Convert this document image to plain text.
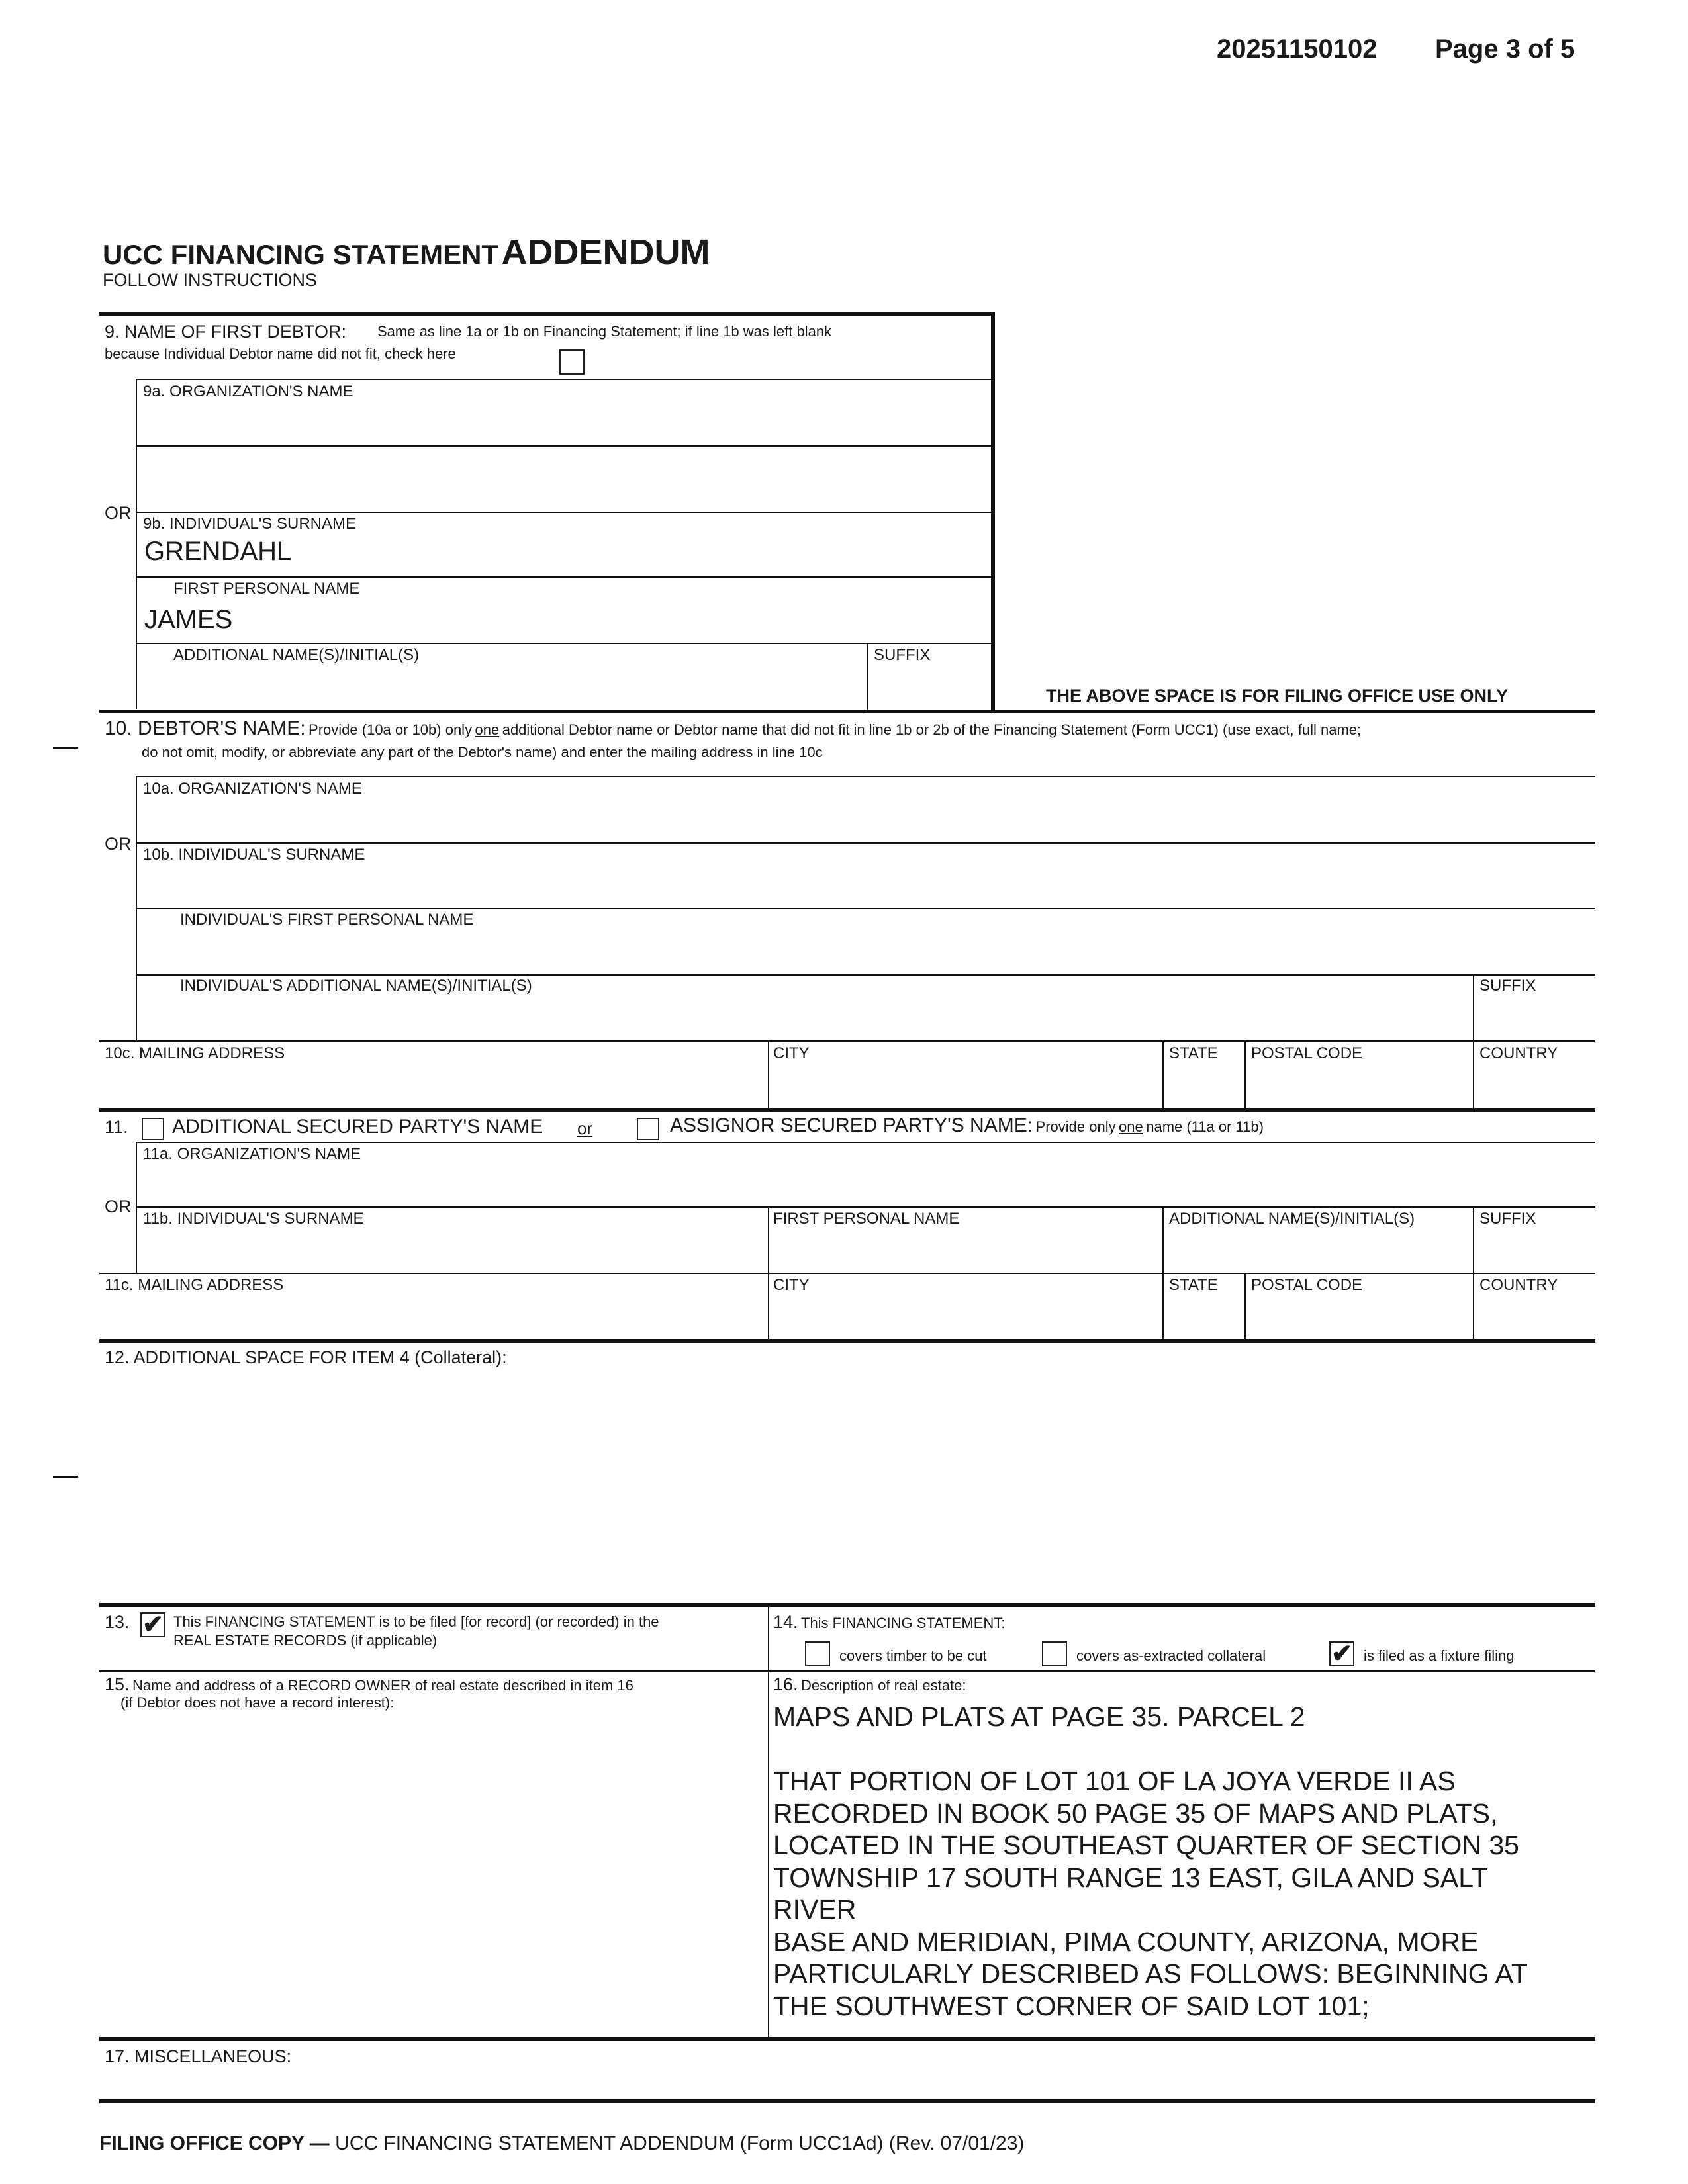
20251150102 Page 3 of 5
UCC FINANCING STATEMENT ADDENDUM
FOLLOW INSTRUCTIONS
9. NAME OF FIRST DEBTOR: Same as line 1a or 1b on Financing Statement; if line 1b was left blank
because Individual Debtor name did not fit, check here
9a. ORGANIZATION'S NAME
OR
9b. INDIVIDUAL'S SURNAME
GRENDAHL
FIRST PERSONAL NAME
JAMES
ADDITIONAL NAME(S)/INITIAL(S)	SUFFIX
THE ABOVE SPACE IS FOR FILING OFFICE USE ONLY
10. DEBTOR'S NAME: Provide (10a or 10b) only one additional Debtor name or Debtor name that did not fit in line 1b or 2b of the Financing Statement (Form UCC1) (use exact, full name;
do not omit, modify, or abbreviate any part of the Debtor's name) and enter the mailing address in line 10c
10a. ORGANIZATION'S NAME
OR
10b. INDIVIDUAL'S SURNAME
INDIVIDUAL'S FIRST PERSONAL NAME
INDIVIDUAL'S ADDITIONAL NAME(S)/INITIAL(S)	SUFFIX
10c. MAILING ADDRESS	CITY	STATE POSTAL CODE	COUNTRY
11. ADDITIONAL SECURED PARTY'S NAME or	ASSIGNOR SECURED PARTY'S NAME: Provide only one name (11a or 11b)
11a. ORGANIZATION'S NAME
OR
11b. INDIVIDUAL'S SURNAME	FIRST PERSONAL NAME	ADDITIONAL NAME(S)/INITIAL(S)	SUFFIX
11c. MAILING ADDRESS	CITY	STATE POSTAL CODE	COUNTRY
12. ADDITIONAL SPACE FOR ITEM 4 (Collateral):
13. ✔ This FINANCING STATEMENT is to be filed [for record] (or recorded) in the
REAL ESTATE RECORDS (if applicable)
14. This FINANCING STATEMENT:
covers timber to be cut	covers as-extracted collateral	✔ is filed as a fixture filing
15. Name and address of a RECORD OWNER of real estate described in item 16
(if Debtor does not have a record interest):
16. Description of real estate:
MAPS AND PLATS AT PAGE 35. PARCEL 2

THAT PORTION OF LOT 101 OF LA JOYA VERDE II AS
RECORDED IN BOOK 50 PAGE 35 OF MAPS AND PLATS,
LOCATED IN THE SOUTHEAST QUARTER OF SECTION 35
TOWNSHIP 17 SOUTH RANGE 13 EAST, GILA AND SALT
RIVER
BASE AND MERIDIAN, PIMA COUNTY, ARIZONA, MORE
PARTICULARLY DESCRIBED AS FOLLOWS: BEGINNING AT
THE SOUTHWEST CORNER OF SAID LOT 101;
17. MISCELLANEOUS:
FILING OFFICE COPY — UCC FINANCING STATEMENT ADDENDUM (Form UCC1Ad) (Rev. 07/01/23)
